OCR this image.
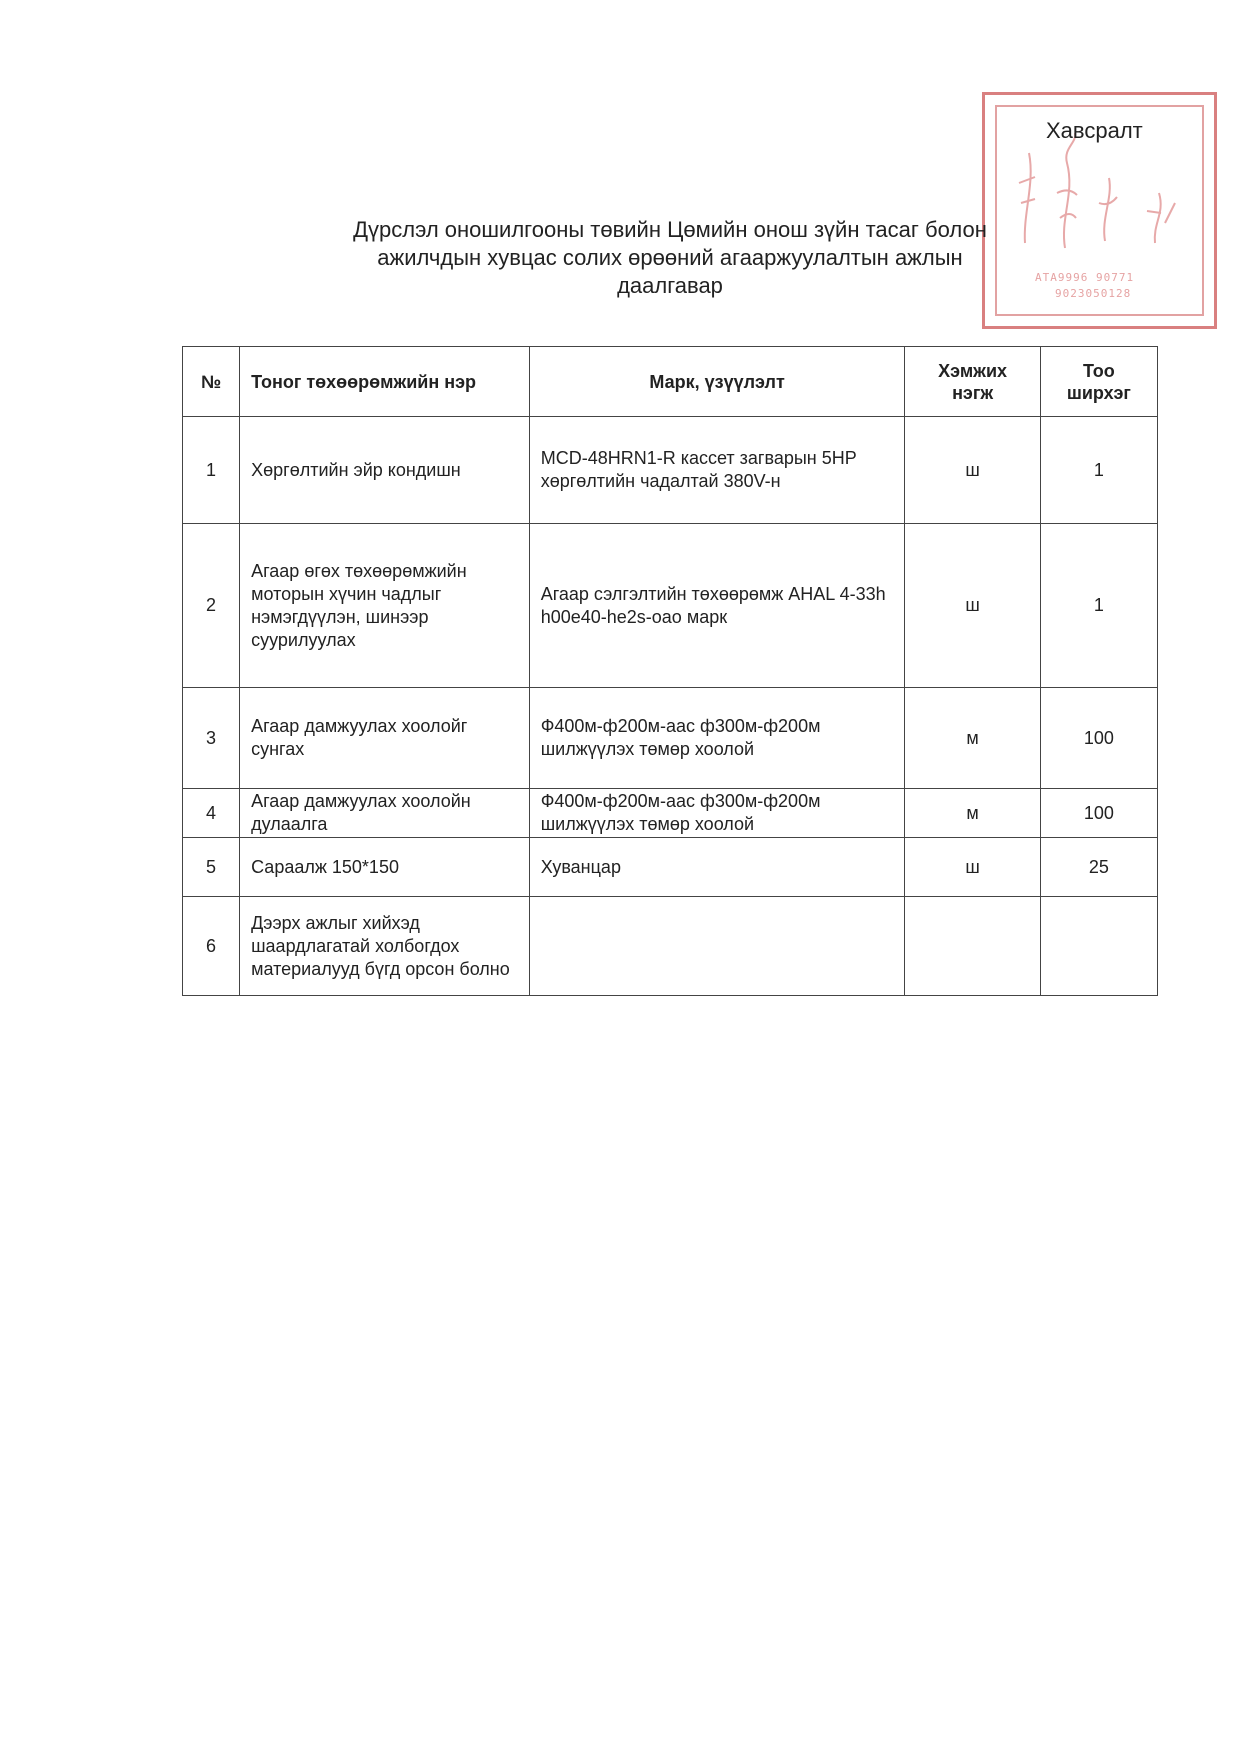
АТА9996 90771
9023050128
Хавсралт
Дүрслэл оношилгооны төвийн Цөмийн онош зүйн тасаг болон
ажилчдын хувцас солих өрөөний агааржуулалтын ажлын
даалгавар
№	Тоног төхөөрөмжийн нэр	Марк, үзүүлэлт	Хэмжих нэгж	Тоо ширхэг
1	Хөргөлтийн эйр кондишн	MCD-48HRN1-R кассет загварын 5HP хөргөлтийн чадалтай 380V-н	ш	1
2	Агаар өгөх төхөөрөмжийн моторын хүчин чадлыг нэмэгдүүлэн, шинээр суурилуулах	Агаар сэлгэлтийн төхөөрөмж AHAL 4-33h h00e40-he2s-оао марк	ш	1
3	Агаар дамжуулах хоолойг сунгах	Ф400м-ф200м-аас ф300м-ф200м шилжүүлэх төмөр хоолой	м	100
4	Агаар дамжуулах хоолойн дулаалга	Ф400м-ф200м-аас ф300м-ф200м шилжүүлэх төмөр хоолой	м	100
5	Сараалж 150*150	Хуванцар	ш	25
6	Дээрх ажлыг хийхэд шаардлагатай холбогдох материалууд бүгд орсон болно			
